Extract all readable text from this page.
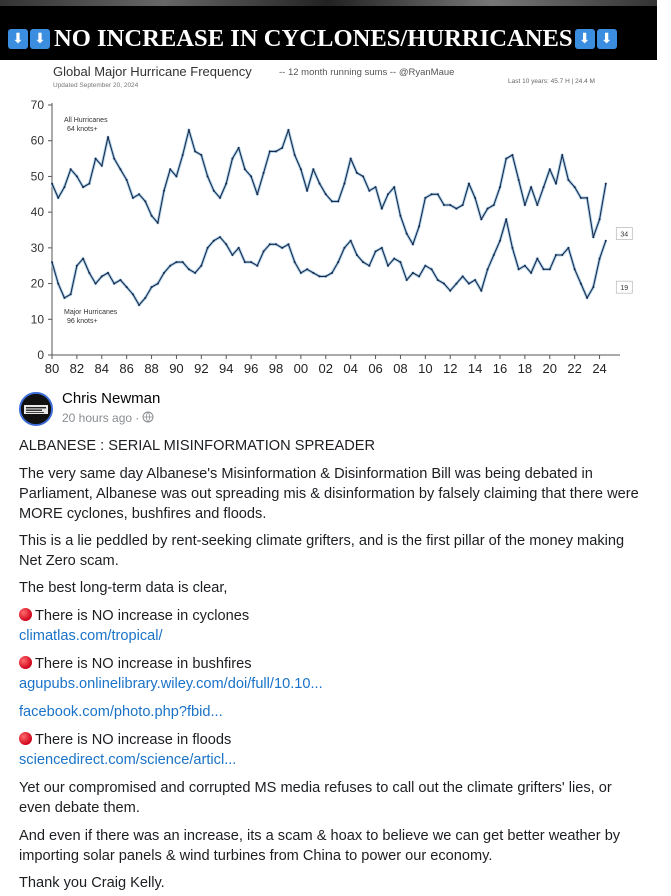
⬇ ⬇ NO INCREASE IN CYCLONES/HURRICANES ⬇ ⬇
Global Major Hurricane Frequency	-- 12 month running sums -- @RyanMaue
Updated September 20, 2024
Last 10 years: 45.7 H | 24.4 M
0
10
20
30
40
50
60
70
80 82 84 86 88 90 92 94 96 98 00 02 04 06 08 10 12 14 16 18 20 22 24
34
All Hurricanes
64 knots+
19
Major Hurricanes
96 knots+
Chris Newman
20 hours ago ·

ALBANESE : SERIAL MISINFORMATION SPREADER

The very same day Albanese's Misinformation & Disinformation Bill was being debated in Parliament, Albanese was out spreading mis & disinformation by falsely claiming that there were MORE cyclones, bushfires and floods.

This is a lie peddled by rent-seeking climate grifters, and is the first pillar of the money making Net Zero scam.

The best long-term data is clear,

There is NO increase in cyclones

climatlas.com/tropical/

There is NO increase in bushfires

agupubs.onlinelibrary.wiley.com/doi/full/10.10...

facebook.com/photo.php?fbid...

There is NO increase in floods

sciencedirect.com/science/articl...

Yet our compromised and corrupted MS media refuses to call out the climate grifters' lies, or even debate them.

And even if there was an increase, its a scam & hoax to believe we can get better weather by importing solar panels & wind turbines from China to power our economy.

Thank you Craig Kelly.
